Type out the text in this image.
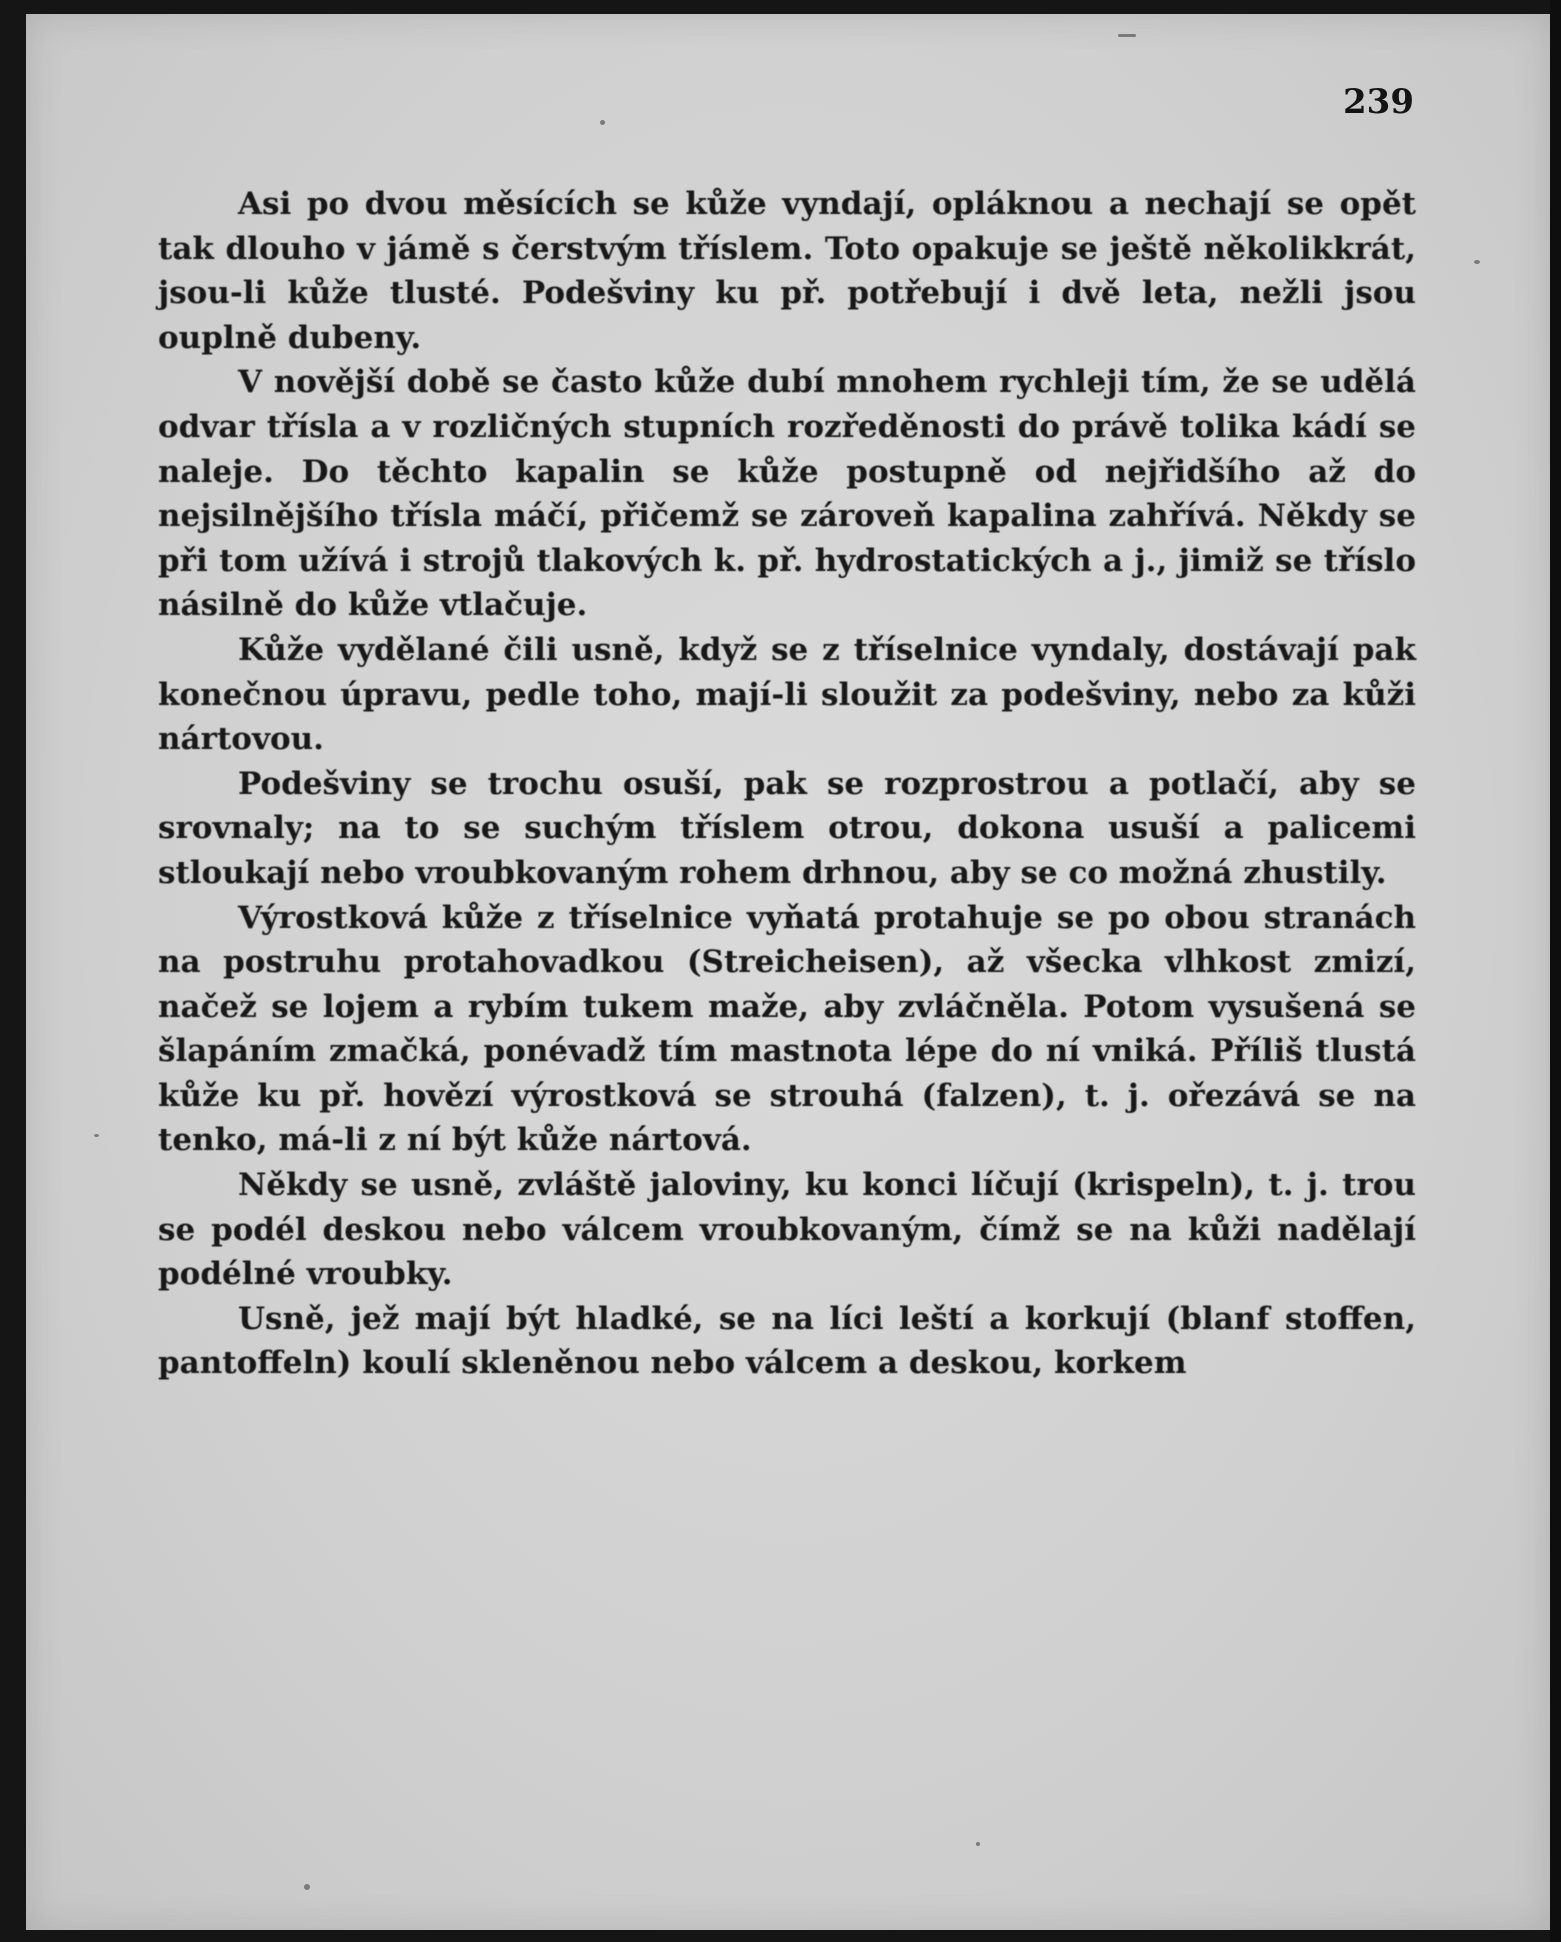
239

Asi po dvou měsících se kůže vyndají, opláknou a nechají se opět tak dlouho v jámě s čerstvým tříslem. Toto opakuje se ještě několikkrát, jsou-li kůže tlusté. Podešviny ku př. potřebují i dvě leta, nežli jsou ouplně dubeny.

V novější době se často kůže dubí mnohem rychleji tím, že se udělá odvar třísla a v rozličných stupních rozředěnosti do právě tolika kádí se naleje. Do těchto kapalin se kůže postupně od nejřidšího až do nejsilnějšího třísla máčí, přičemž se zároveň kapalina zahřívá. Někdy se při tom užívá i strojů tlakových k. př. hydrostatických a j., jimiž se tříslo násilně do kůže vtlačuje.

Kůže vydělané čili usně, když se z tříselnice vyndaly, dostávají pak konečnou úpravu, pedle toho, mají-li sloužit za podešviny, nebo za kůži nártovou.

Podešviny se trochu osuší, pak se rozprostrou a potlačí, aby se srovnaly; na to se suchým tříslem otrou, dokona usuší a palicemi stloukají nebo vroubkovaným rohem drhnou, aby se co možná zhustily.

Výrostková kůže z tříselnice vyňatá protahuje se po obou stranách na postruhu protahovadkou (Streicheisen), až všecka vlhkost zmizí, načež se lojem a rybím tukem maže, aby zvláčněla. Potom vysušená se šlapáním zmačká, ponévadž tím mastnota lépe do ní vniká. Příliš tlustá kůže ku př. hovězí výrostková se strouhá (falzen), t. j. ořezává se na tenko, má-li z ní být kůže nártová.

Někdy se usně, zvláště jaloviny, ku konci líčují (krispeln), t. j. trou se podél deskou nebo válcem vroubkovaným, čímž se na kůži nadělají podélné vroubky.

Usně, jež mají být hladké, se na líci leští a korkují (blanf stoffen, pantoffeln) koulí skleněnou nebo válcem a deskou, korkem
